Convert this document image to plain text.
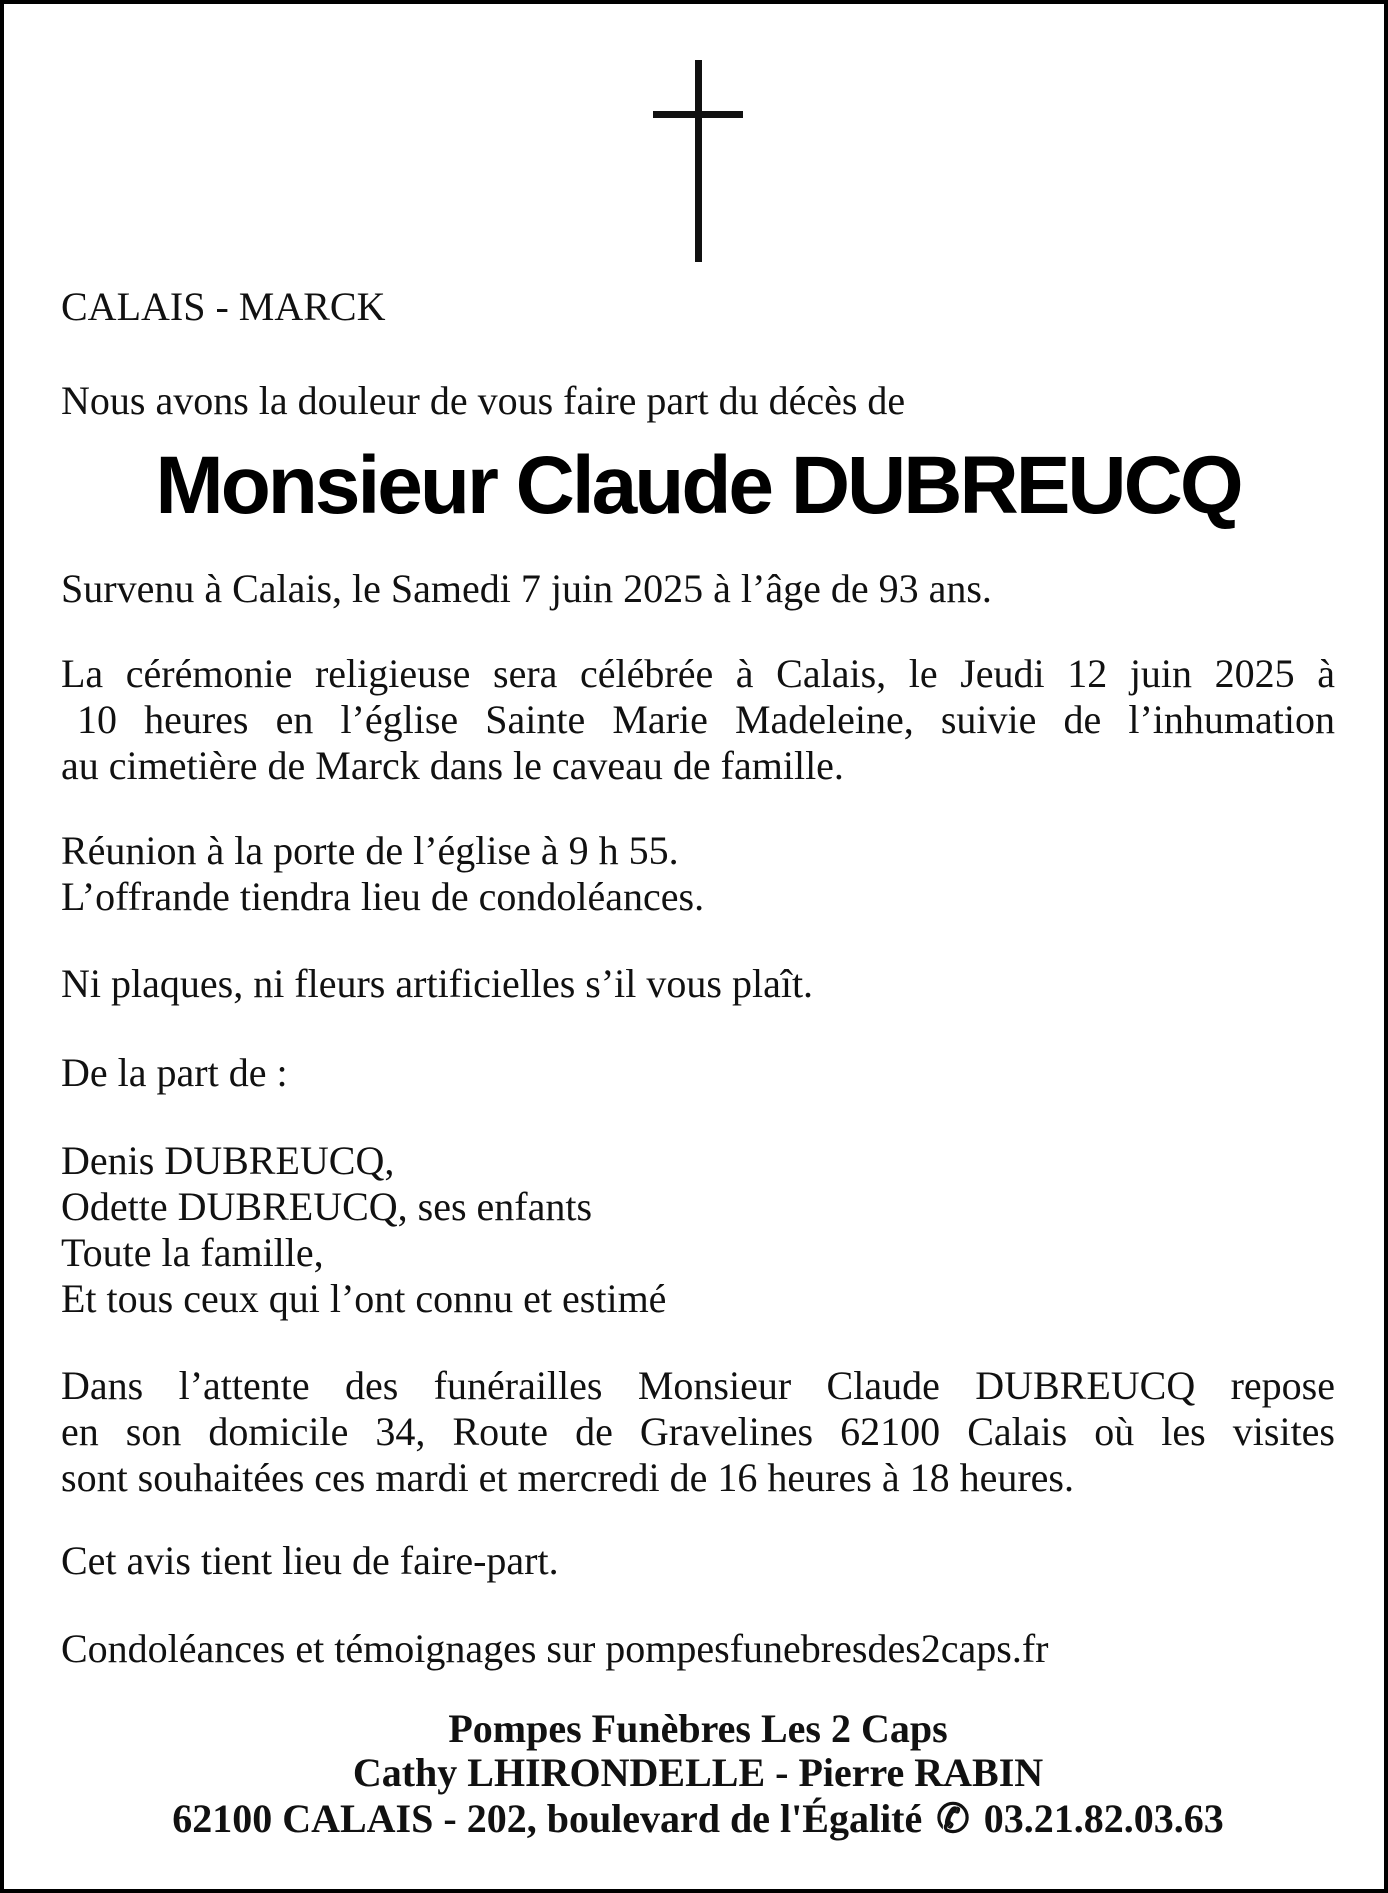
CALAIS - MARCK

Nous avons la douleur de vous faire part du décès de

Monsieur Claude DUBREUCQ

Survenu à Calais, le Samedi 7 juin 2025 à l’âge de 93 ans.

La cérémonie religieuse sera célébrée à Calais, le Jeudi 12 juin 2025 à
10 heures en l’église Sainte Marie Madeleine, suivie de l’inhumation
au cimetière de Marck dans le caveau de famille.

Réunion à la porte de l’église à 9 h 55.

L’offrande tiendra lieu de condoléances.

Ni plaques, ni fleurs artificielles s’il vous plaît.

De la part de :

Denis DUBREUCQ,
Odette DUBREUCQ, ses enfants
Toute la famille,
Et tous ceux qui l’ont connu et estimé
Dans l’attente des funérailles Monsieur Claude DUBREUCQ repose
en son domicile 34, Route de Gravelines 62100 Calais où les visites
sont souhaitées ces mardi et mercredi de 16 heures à 18 heures.

Cet avis tient lieu de faire-part.

Condoléances et témoignages sur pompesfunebresdes2caps.fr

Pompes Funèbres Les 2 Caps

Cathy LHIRONDELLE - Pierre RABIN

62100 CALAIS - 202, boulevard de l'Égalité ✆ 03.21.82.03.63
